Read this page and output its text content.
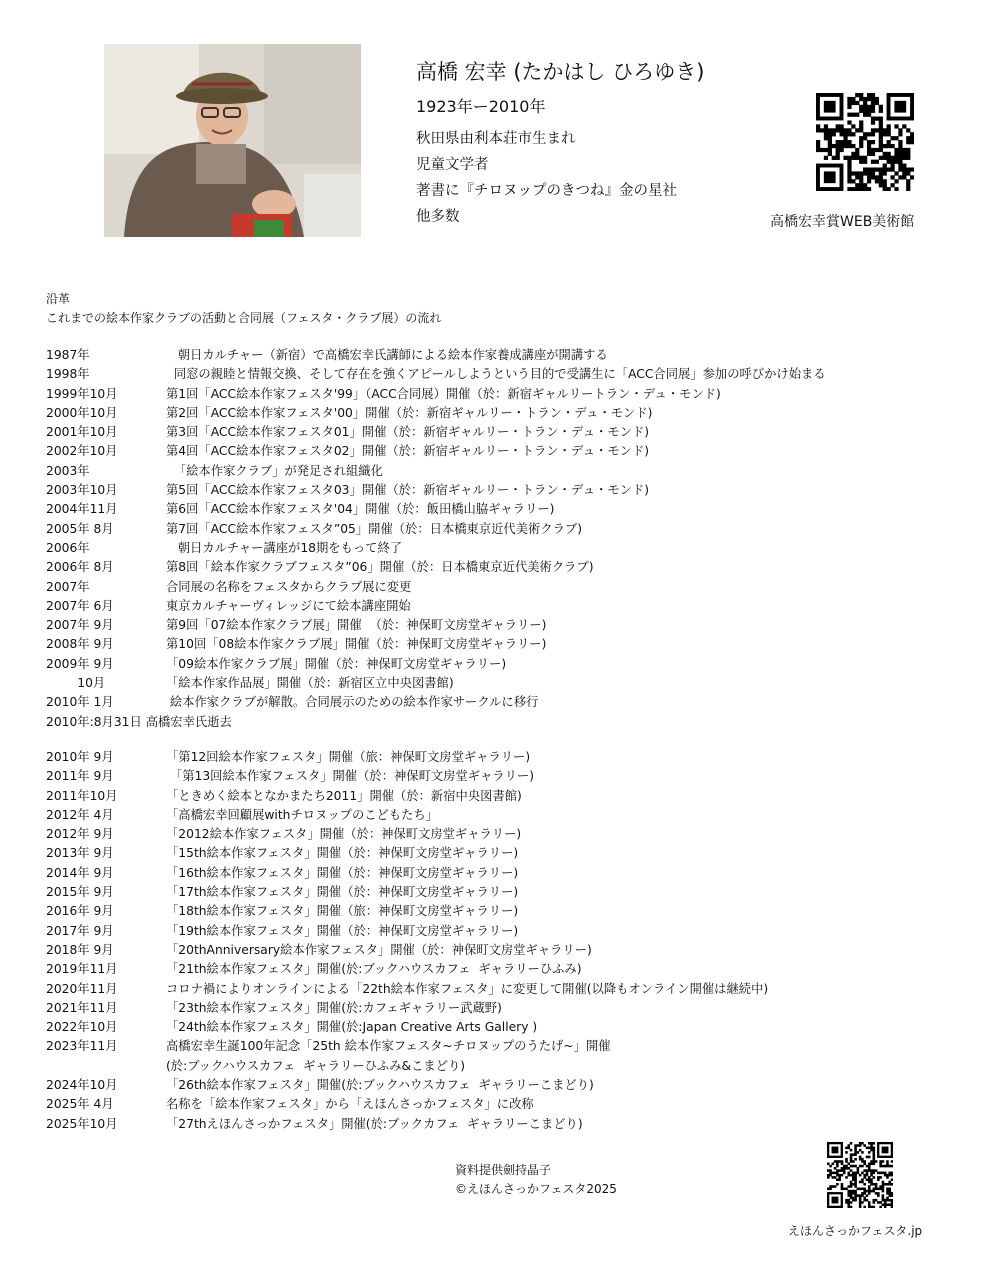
高橋 宏幸 (たかはし ひろゆき)
1923年ー2010年
秋田県由利本荘市生まれ
児童文学者
著書に『チロヌップのきつね』金の星社
他多数	高橋宏幸賞WEB美術館
沿革
これまでの絵本作家クラブの活動と合同展（フェスタ・クラブ展）の流れ
1987年	朝日カルチャー（新宿）で高橋宏幸氏講師による絵本作家養成講座が開講する
1998年	同窓の親睦と情報交換、そして存在を強くアピールしようという目的で受講生に「ACC合同展」参加の呼びかけ始まる
1999年10月	第1回「ACC絵本作家フェスタ'99」（ACC合同展）開催（於：新宿ギャルリートラン・デュ・モンド)
2000年10月	第2回「ACC絵本作家フェスタ'00」開催（於：新宿ギャルリー・トラン・デュ・モンド)
2001年10月	第3回「ACC絵本作家フェスタ01」開催（於：新宿ギャルリー・トラン・デュ・モンド)
2002年10月	第4回「ACC絵本作家フェスタ02」開催（於：新宿ギャルリー・トラン・デュ・モンド)
2003年	「絵本作家クラブ」が発足され組織化
2003年10月	第5回「ACC絵本作家フェスタ03」開催（於：新宿ギャルリー・トラン・デュ・モンド)
2004年11月	第6回「ACC絵本作家フェスタ'04」開催（於：飯田橋山脇ギャラリー)
2005年 8月	第7回「ACC絵本作家フェスタ”05」開催（於：日本橋東京近代美術クラブ)
2006年	朝日カルチャー講座が18期をもって終了
2006年 8月	第8回「絵本作家クラブフェスタ”06」開催（於：日本橋東京近代美術クラブ)
2007年	合同展の名称をフェスタからクラブ展に変更
2007年 6月	東京カルチャーヴィレッジにて絵本講座開始
2007年 9月	第9回「07絵本作家クラブ展」開催  （於：神保町文房堂ギャラリー)
2008年 9月	第10回「08絵本作家クラブ展」開催（於：神保町文房堂ギャラリー)
2009年 9月	「09絵本作家クラブ展」開催（於：神保町文房堂ギャラリー)
10月	「絵本作家作品展」開催（於：新宿区立中央図書館)
2010年 1月	絵本作家クラブが解散。合同展示のための絵本作家サークルに移行
2010年:8月31日 高橋宏幸氏逝去
2010年 9月	「第12回絵本作家フェスタ」開催（旅：神保町文房堂ギャラリー)
2011年 9月	「第13回絵本作家フェスタ」開催（於：神保町文房堂ギャラリー)
2011年10月	「ときめく絵本となかまたち2011」開催（於：新宿中央図書館)
2012年 4月	「高橋宏幸回顧展withチロヌップのこどもたち」
2012年 9月	「2012絵本作家フェスタ」開催（於：神保町文房堂ギャラリー)
2013年 9月	「15th絵本作家フェスタ」開催（於：神保町文房堂ギャラリー)
2014年 9月	「16th絵本作家フェスタ」開催（於：神保町文房堂ギャラリー)
2015年 9月	「17th絵本作家フェスタ」開催（於：神保町文房堂ギャラリー)
2016年 9月	「18th絵本作家フェスタ」開催（旅：神保町文房堂ギャラリー)
2017年 9月	「19th絵本作家フェスタ」開催（於：神保町文房堂ギャラリー)
2018年 9月	「20thAnniversary絵本作家フェスタ」開催（於：神保町文房堂ギャラリー)
2019年11月	「21th絵本作家フェスタ」開催(於:ブックハウスカフェ  ギャラリーひふみ)
2020年11月	コロナ禍によりオンラインによる「22th絵本作家フェスタ」に変更して開催(以降もオンライン開催は継続中)
2021年11月	「23th絵本作家フェスタ」開催(於:カフェギャラリー武蔵野)
2022年10月	「24th絵本作家フェスタ」開催(於:Japan Creative Arts Gallery )
2023年11月	高橋宏幸生誕100年記念「25th 絵本作家フェスタ~チロヌップのうたげ~」開催
(於:ブックハウスカフェ  ギャラリーひふみ&こまどり)
2024年10月	「26th絵本作家フェスタ」開催(於:ブックハウスカフェ  ギャラリーこまどり)
2025年 4月	名称を「絵本作家フェスタ」から「えほんさっかフェスタ」に改称
2025年10月	「27thえほんさっかフェスタ」開催(於:ブックカフェ  ギャラリーこまどり)
資料提供劍持晶子
©えほんさっかフェスタ2025
えほんさっかフェスタ.jp
